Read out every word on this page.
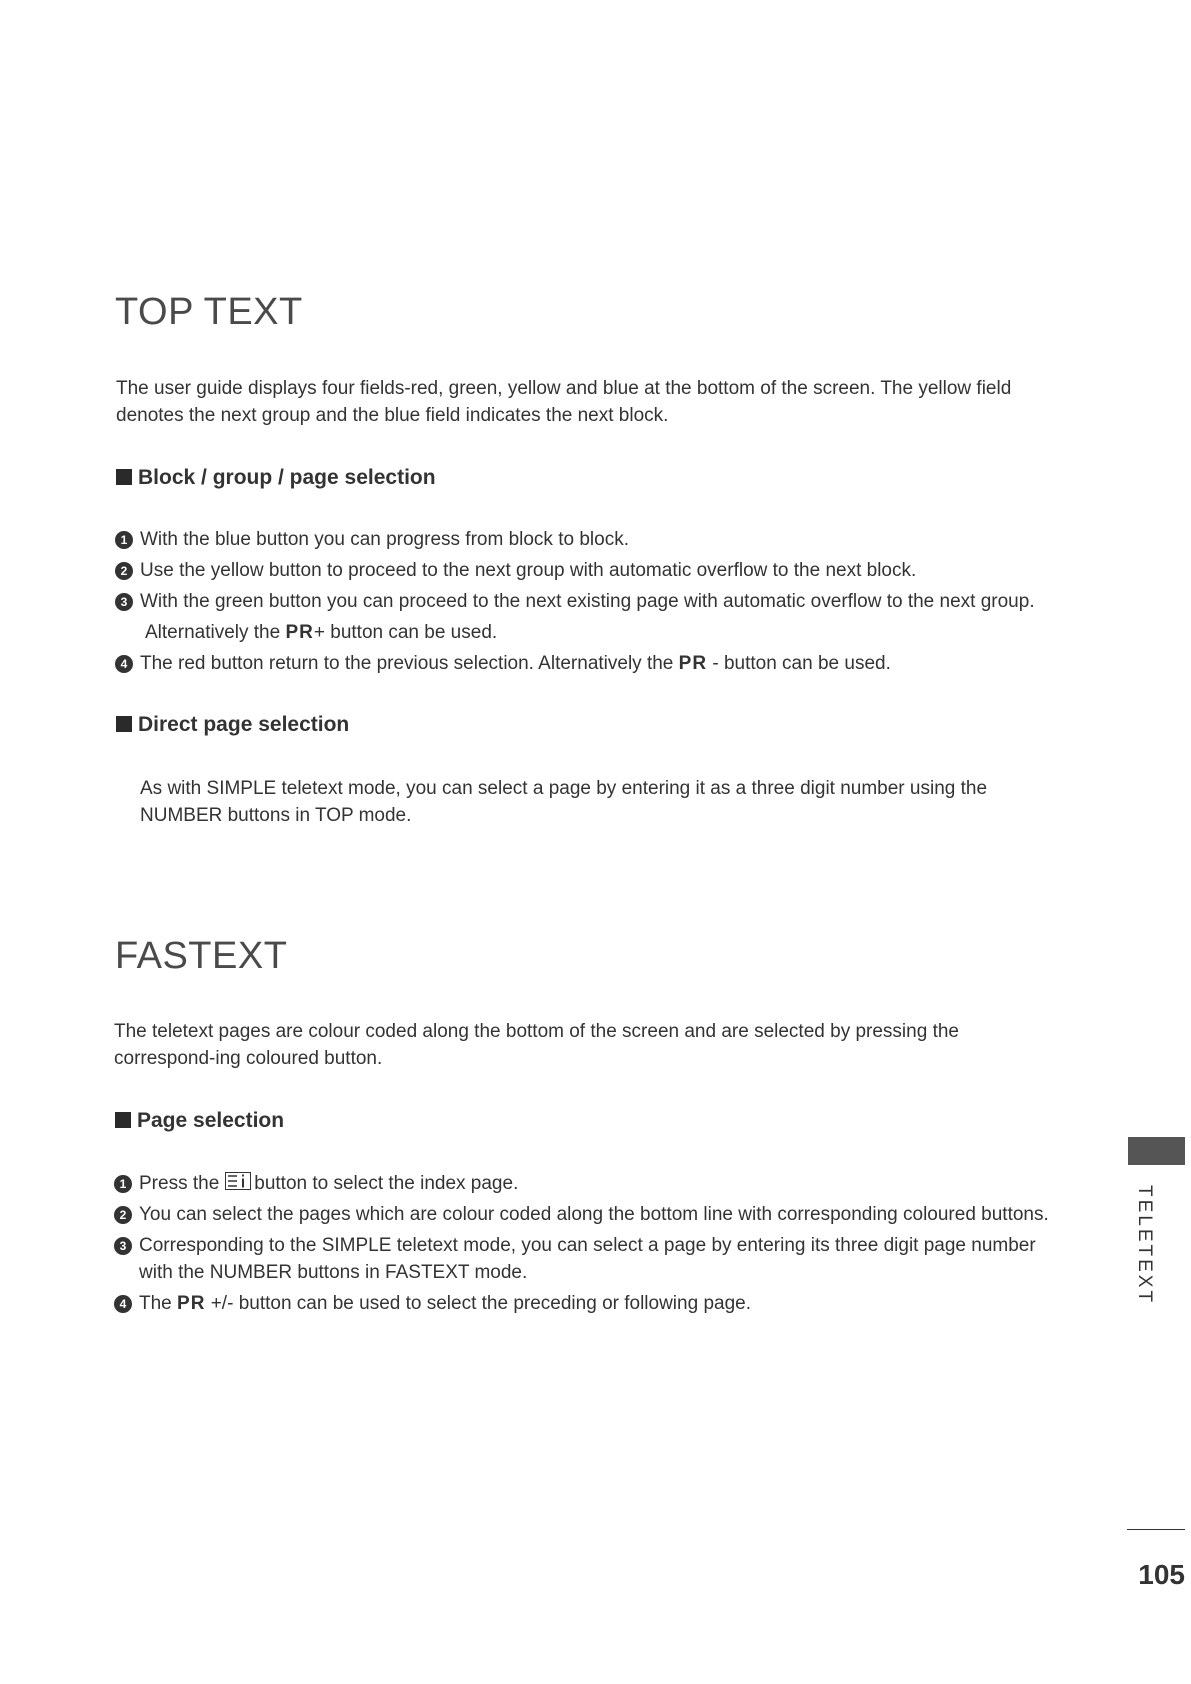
TOP TEXT

The user guide displays four fields-red, green, yellow and blue at the bottom of the screen. The yellow field denotes the next group and the blue field indicates the next block.

Block / group / page selection
1 With the blue button you can progress from block to block.
2 Use the yellow button to proceed to the next group with automatic overflow to the next block.
3 With the green button you can proceed to the next existing page with automatic overflow to the next group.
Alternatively the PR+ button can be used.
4 The red button return to the previous selection. Alternatively the PR - button can be used.
Direct page selection

As with SIMPLE teletext mode, you can select a page by entering it as a three digit number using the NUMBER buttons in TOP mode.

FASTEXT

The teletext pages are colour coded along the bottom of the screen and are selected by pressing the correspond-ing coloured button.

Page selection
1 Press the button to select the index page.
2 You can select the pages which are colour coded along the bottom line with corresponding coloured buttons.
3 Corresponding to the SIMPLE teletext mode, you can select a page by entering its three digit page number
with the NUMBER buttons in FASTEXT mode.
4 The PR +/- button can be used to select the preceding or following page.	TELETEXT
105
